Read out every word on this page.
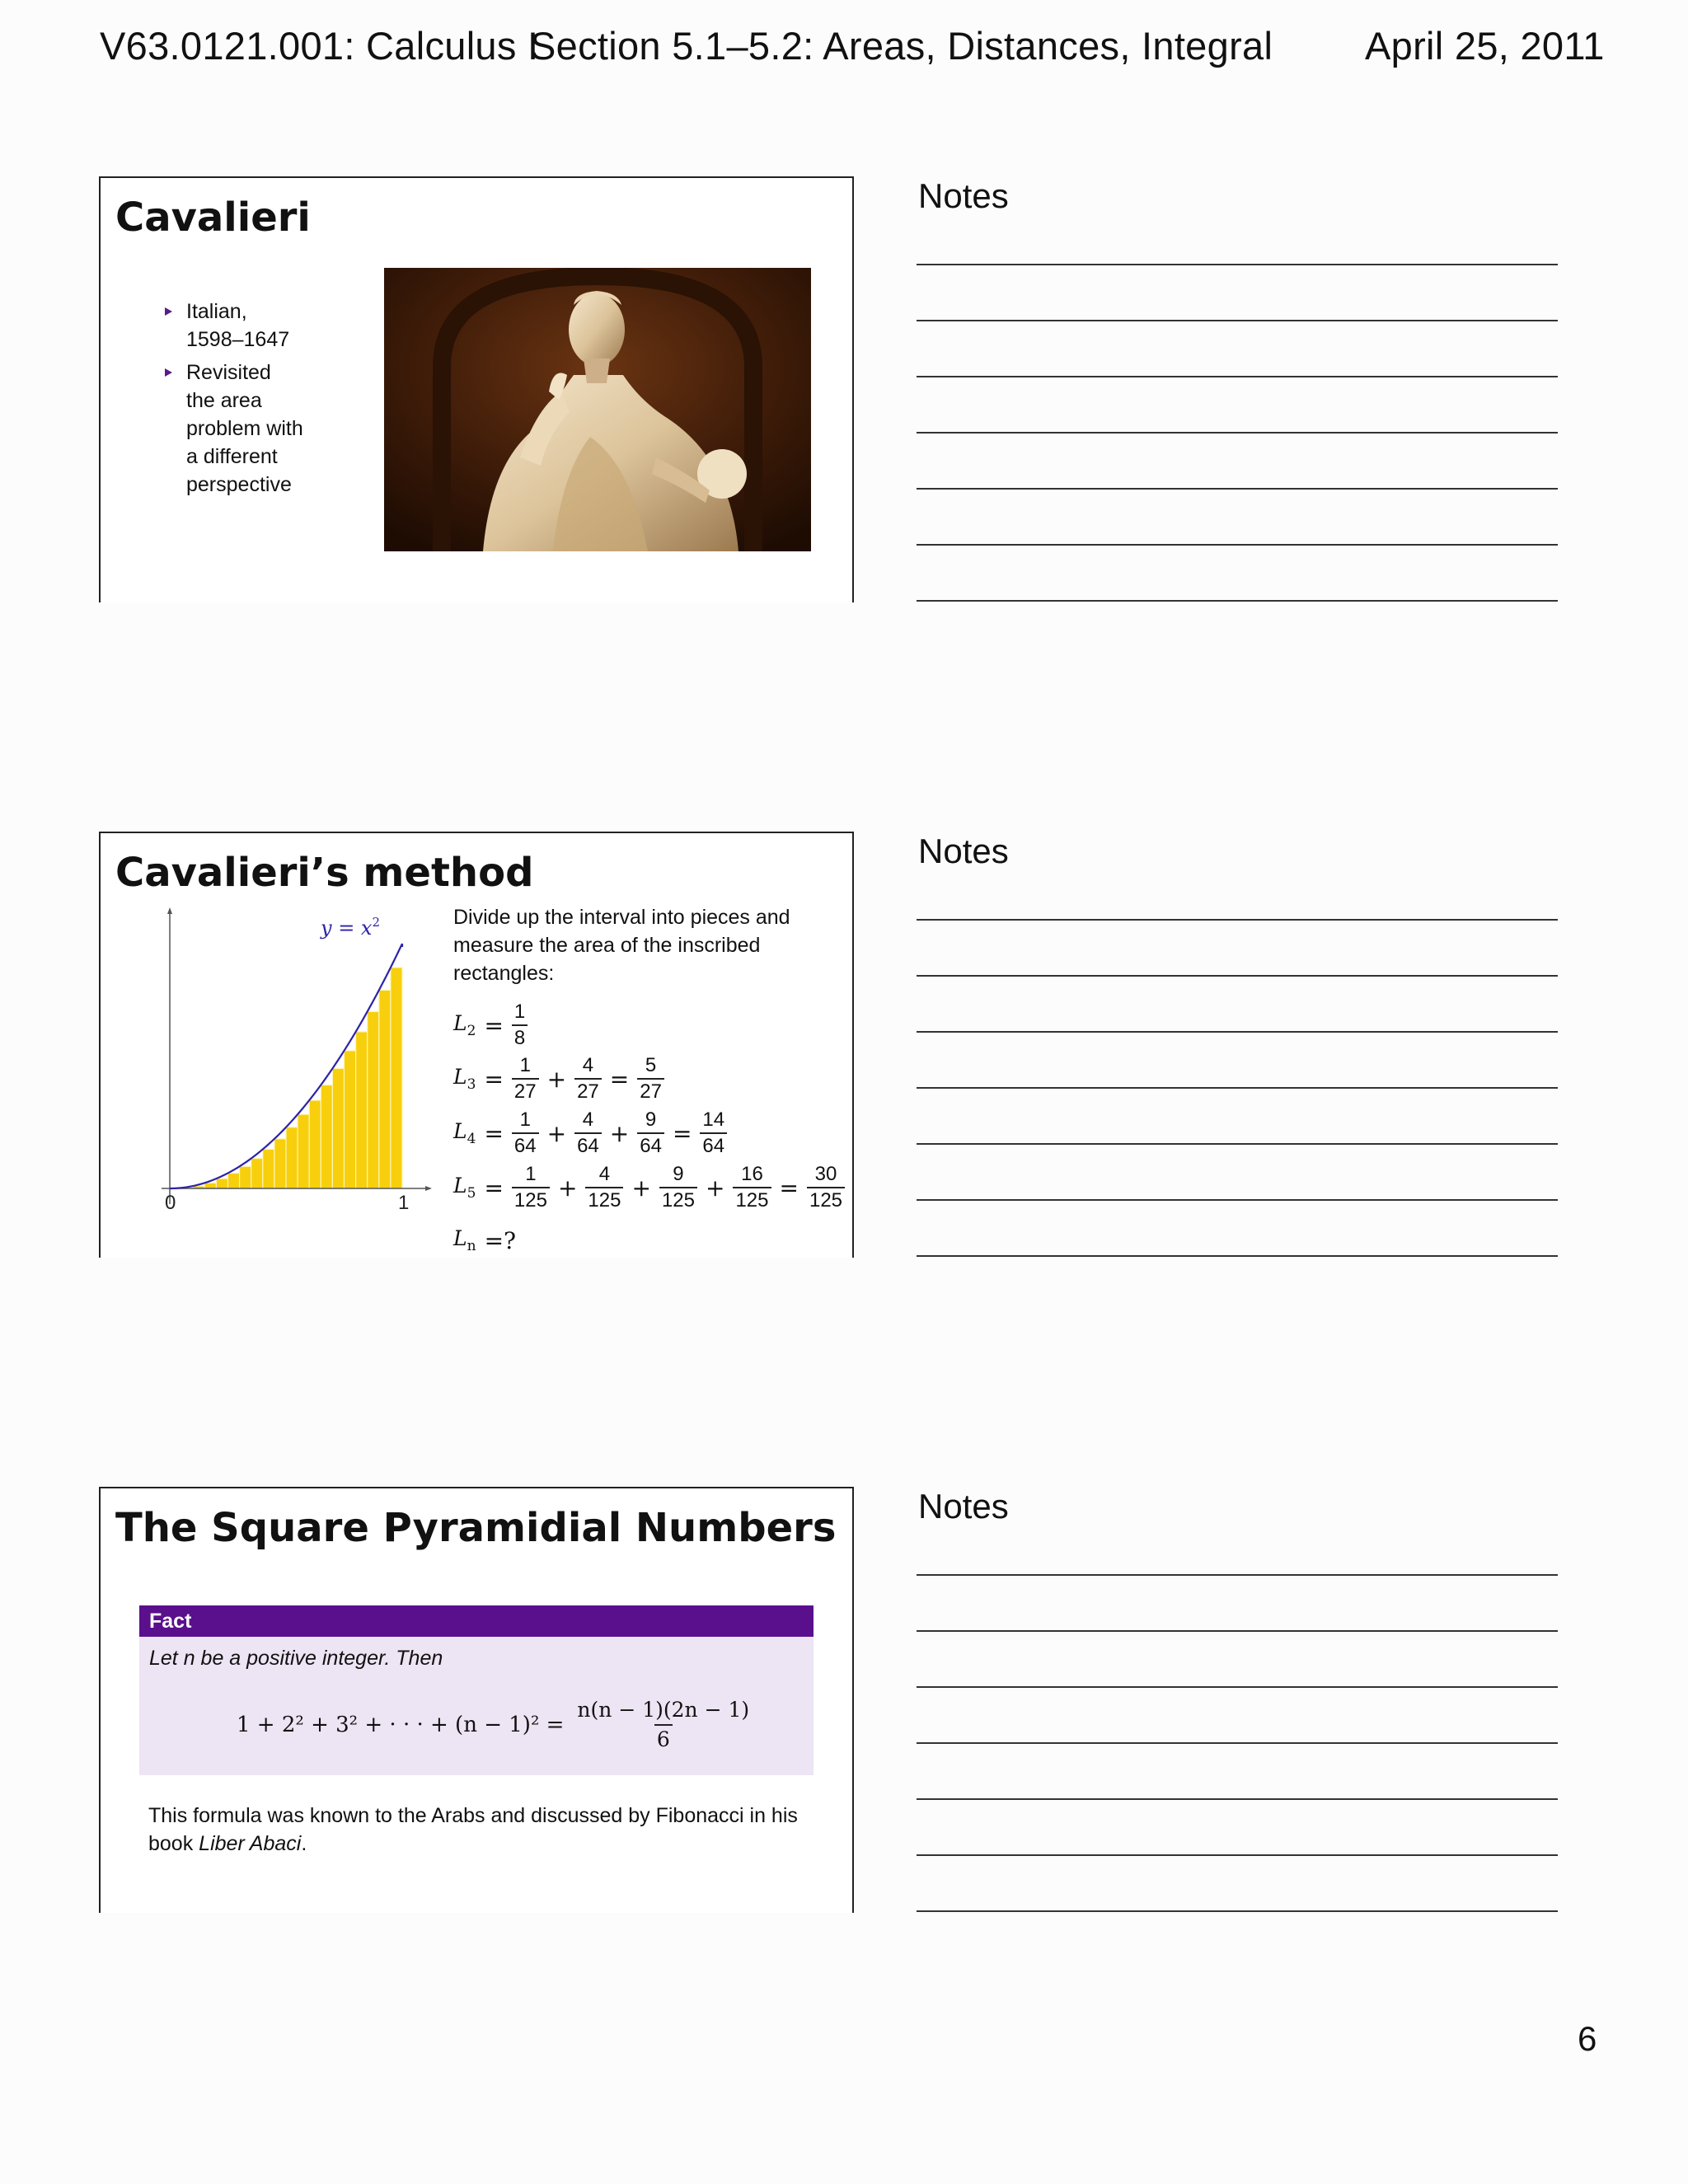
V63.0121.001: Calculus I
Section 5.1–5.2: Areas, Distances, Integral April 25, 2011
Cavalieri
Italian, 1598–1647
Revisited the area problem with a different perspective
Cavalieri’s method
$y = x^2$
0	1
Divide up the interval into pieces and measure the area of the inscribed rectangles:
$L_2 = \frac{1}{8}$
$L_3 = \frac{1}{27} + \frac{4}{27} = \frac{5}{27}$
$L_4 = \frac{1}{64} + \frac{4}{64} + \frac{9}{64} = \frac{14}{64}$
$L_5 = \frac{1}{125} + \frac{4}{125} + \frac{9}{125} + \frac{16}{125} = \frac{30}{125}$
$L_n$ =?
The Square Pyramidial Numbers
Fact
Let n be a positive integer. Then
1 + 2² + 3² + · · · + $(n - 1)^2 = \frac{n(n - 1)(2n - 1)}{6}$
This formula was known to the Arabs and discussed by Fibonacci in his book Liber Abaci.
Notes
Notes
Notes
6
